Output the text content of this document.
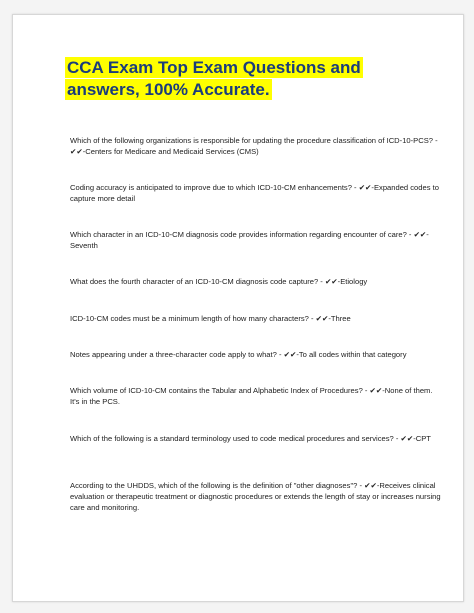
CCA Exam Top Exam Questions and
answers, 100% Accurate.

Which of the following organizations is responsible for updating the procedure classification of ICD-10-PCS? - ✔✔-Centers for Medicare and Medicaid Services (CMS)

Coding accuracy is anticipated to improve due to which ICD-10-CM enhancements? - ✔✔-Expanded codes to capture more detail

Which character in an ICD-10-CM diagnosis code provides information regarding encounter of care? - ✔✔-Seventh

What does the fourth character of an ICD-10-CM diagnosis code capture? - ✔✔-Etiology

ICD-10-CM codes must be a minimum length of how many characters? - ✔✔-Three

Notes appearing under a three-character code apply to what? - ✔✔-To all codes within that category

Which volume of ICD-10-CM contains the Tabular and Alphabetic Index of Procedures? - ✔✔-None of them. It's in the PCS.

Which of the following is a standard terminology used to code medical procedures and services? - ✔✔-CPT

According to the UHDDS, which of the following is the definition of "other diagnoses"? - ✔✔-Receives clinical evaluation or therapeutic treatment or diagnostic procedures or extends the length of stay or increases nursing care and monitoring.
